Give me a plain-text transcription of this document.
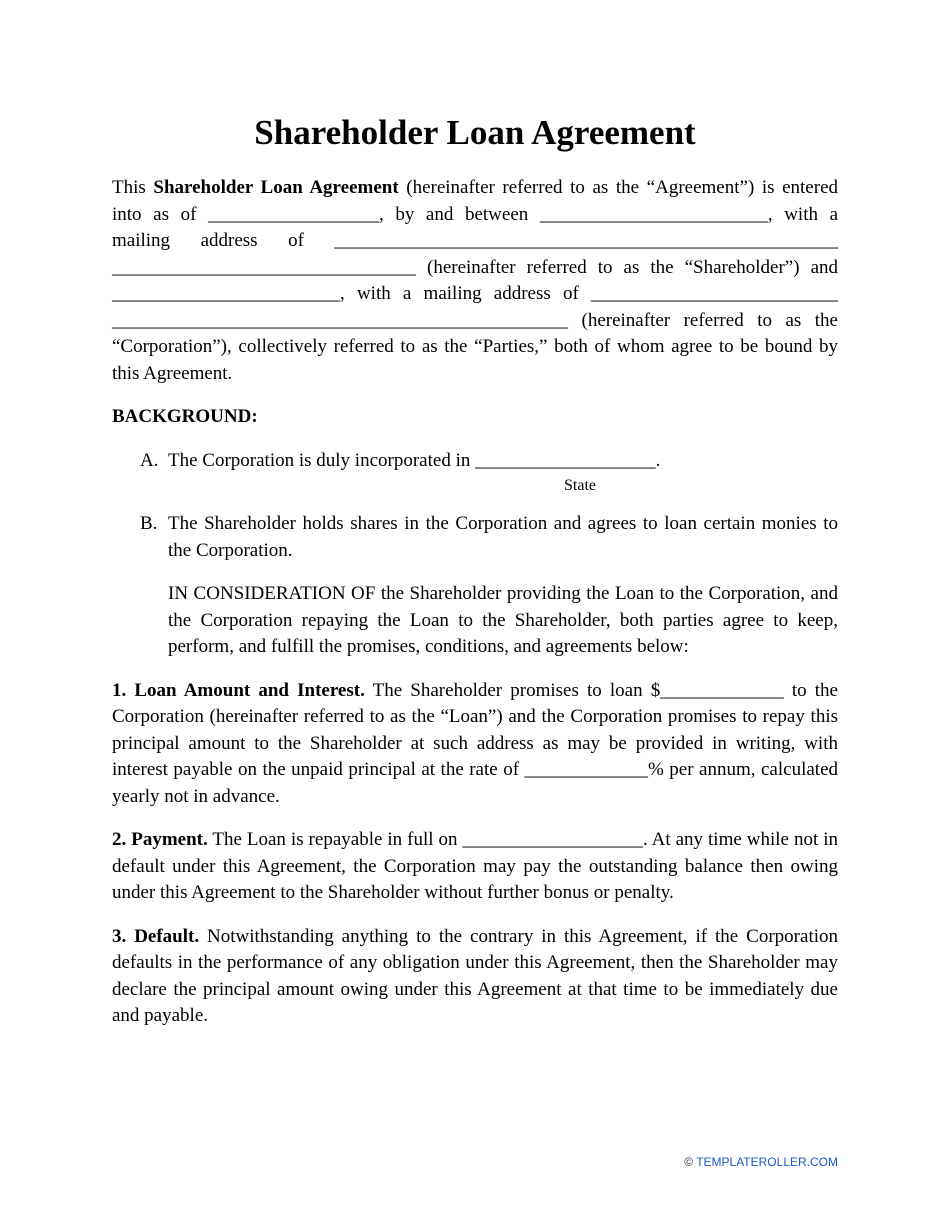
Shareholder Loan Agreement

This Shareholder Loan Agreement (hereinafter referred to as the “Agreement”) is entered into as of __________________, by and between ________________________, with a mailing address of _____________________________________________________ ________________________________ (hereinafter referred to as the “Shareholder”) and ________________________, with a mailing address of __________________________ ________________________________________________ (hereinafter referred to as the “Corporation”), collectively referred to as the “Parties,” both of whom agree to be bound by this Agreement.

BACKGROUND:
A. The Corporation is duly incorporated in ___________________.
State
B. The Shareholder holds shares in the Corporation and agrees to loan certain monies to the Corporation.
IN CONSIDERATION OF the Shareholder providing the Loan to the Corporation, and the Corporation repaying the Loan to the Shareholder, both parties agree to keep, perform, and fulfill the promises, conditions, and agreements below:

1. Loan Amount and Interest. The Shareholder promises to loan $_____________ to the Corporation (hereinafter referred to as the “Loan”) and the Corporation promises to repay this principal amount to the Shareholder at such address as may be provided in writing, with interest payable on the unpaid principal at the rate of _____________% per annum, calculated yearly not in advance.

2. Payment. The Loan is repayable in full on ___________________. At any time while not in default under this Agreement, the Corporation may pay the outstanding balance then owing under this Agreement to the Shareholder without further bonus or penalty.

3. Default. Notwithstanding anything to the contrary in this Agreement, if the Corporation defaults in the performance of any obligation under this Agreement, then the Shareholder may declare the principal amount owing under this Agreement at that time to be immediately due and payable.

© TEMPLATEROLLER.COM
